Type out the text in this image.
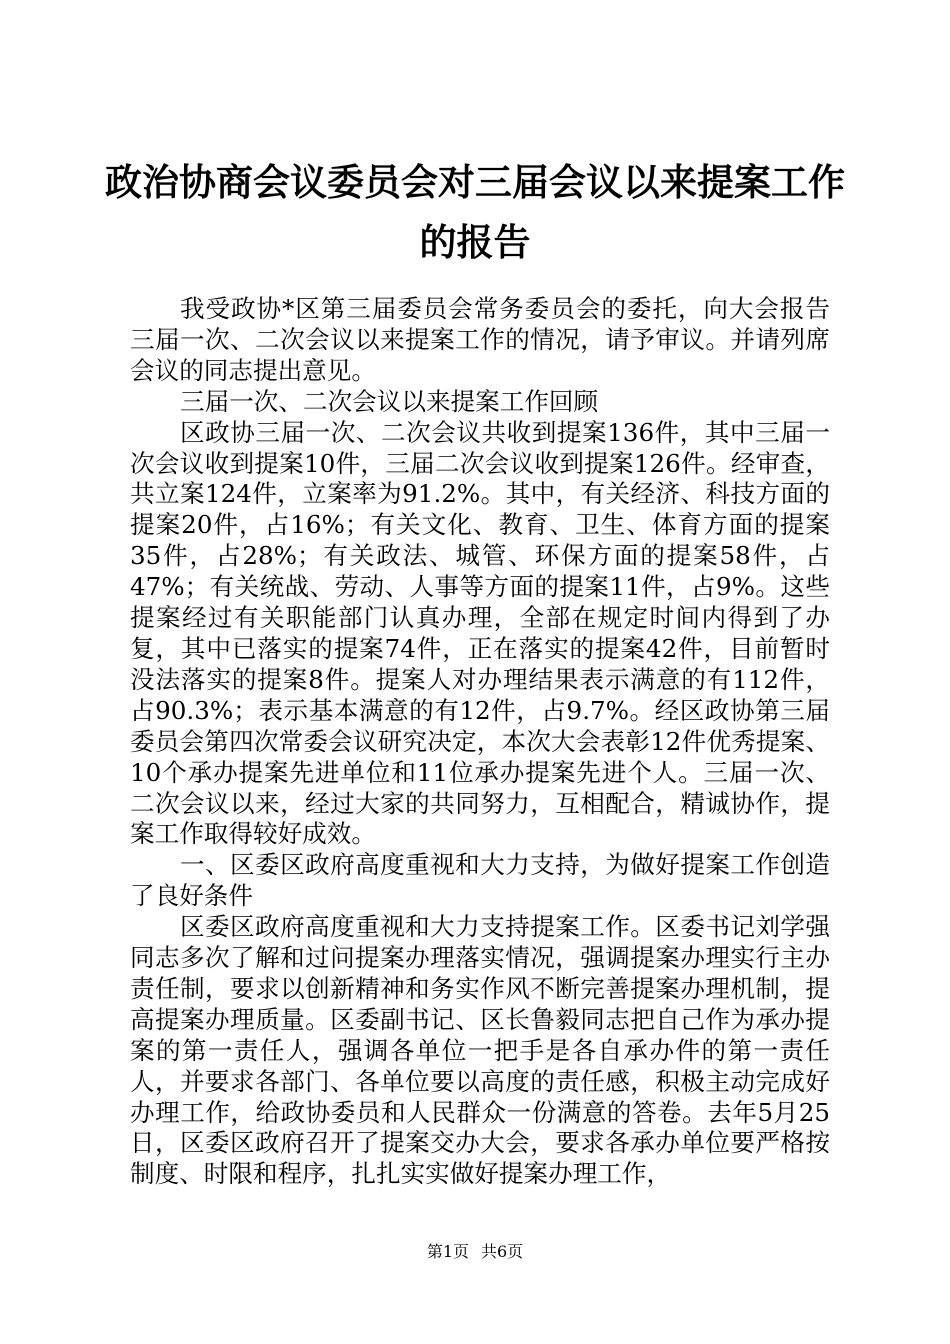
政治协商会议委员会对三届会议以来提案工作
的报告

我受政协*区第三届委员会常务委员会的委托，向大会报告三届一次、二次会议以来提案工作的情况，请予审议。并请列席会议的同志提出意见。

三届一次、二次会议以来提案工作回顾

区政协三届一次、二次会议共收到提案136件，其中三届一次会议收到提案10件，三届二次会议收到提案126件。经审查，共立案124件，立案率为91.2%。其中，有关经济、科技方面的提案20件，占16%；有关文化、教育、卫生、体育方面的提案35件，占28%；有关政法、城管、环保方面的提案58件，占47%；有关统战、劳动、人事等方面的提案11件，占9%。这些提案经过有关职能部门认真办理，全部在规定时间内得到了办复，其中已落实的提案74件，正在落实的提案42件，目前暂时没法落实的提案8件。提案人对办理结果表示满意的有112件，占90.3%；表示基本满意的有12件，占9.7%。经区政协第三届委员会第四次常委会议研究决定，本次大会表彰12件优秀提案、10个承办提案先进单位和11位承办提案先进个人。三届一次、二次会议以来，经过大家的共同努力，互相配合，精诚协作，提案工作取得较好成效。

一、区委区政府高度重视和大力支持，为做好提案工作创造了良好条件

区委区政府高度重视和大力支持提案工作。区委书记刘学强同志多次了解和过问提案办理落实情况，强调提案办理实行主办责任制，要求以创新精神和务实作风不断完善提案办理机制，提高提案办理质量。区委副书记、区长鲁毅同志把自己作为承办提案的第一责任人，强调各单位一把手是各自承办件的第一责任人，并要求各部门、各单位要以高度的责任感，积极主动完成好办理工作，给政协委员和人民群众一份满意的答卷。去年5月25日，区委区政府召开了提案交办大会，要求各承办单位要严格按制度、时限和程序，扎扎实实做好提案办理工作，

第1页 共6页
